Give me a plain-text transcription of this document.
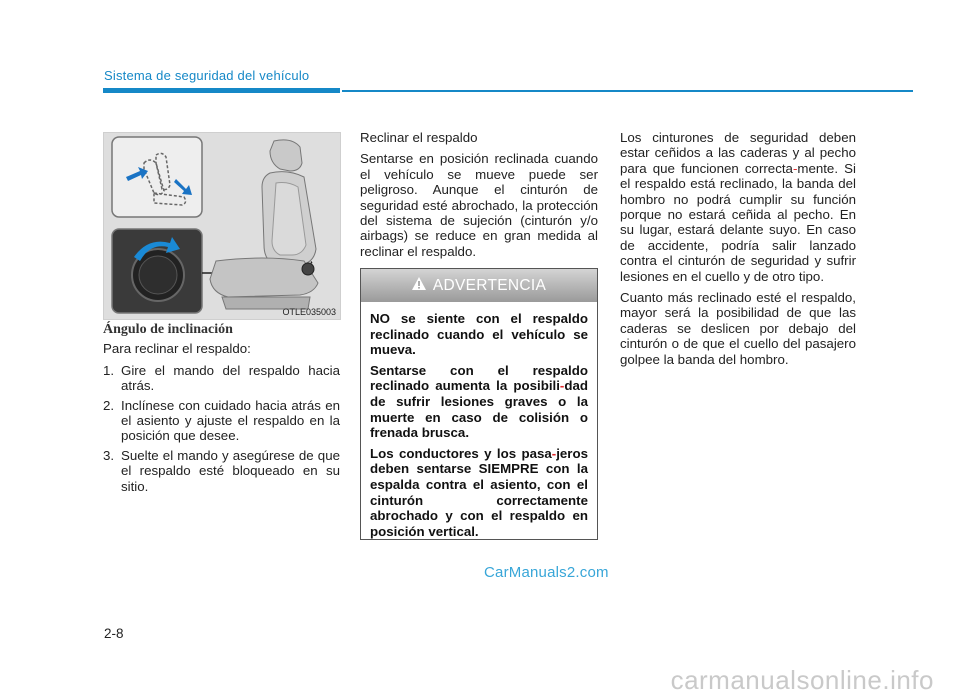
Sistema de seguridad del vehículo
OTLE035003
Ángulo de inclinación

Para reclinar el respaldo:

1. Gire el mando del respaldo hacia atrás.
2. Inclínese con cuidado hacia atrás en el asiento y ajuste el respaldo en la posición que desee.
3. Suelte el mando y asegúrese de que el respaldo esté bloqueado en su sitio.

Reclinar el respaldo

Sentarse en posición reclinada cuando el vehículo se mueve puede ser peligroso. Aunque el cinturón de seguridad esté abrochado, la protección del sistema de sujeción (cinturón y/o airbags) se reduce en gran medida al reclinar el respaldo.

ADVERTENCIA

NO se siente con el respaldo reclinado cuando el vehículo se mueva.

Sentarse con el respaldo reclinado aumenta la posibili-dad de sufrir lesiones graves o la muerte en caso de colisión o frenada brusca.

Los conductores y los pasa-jeros deben sentarse SIEMPRE con la espalda contra el asiento, con el cinturón correctamente abrochado y con el respaldo en posición vertical.

Los cinturones de seguridad deben estar ceñidos a las caderas y al pecho para que funcionen correcta-mente. Si el respaldo está reclinado, la banda del hombro no podrá cumplir su función porque no estará ceñida al pecho. En su lugar, estará delante suyo. En caso de accidente, podría salir lanzado contra el cinturón de seguridad y sufrir lesiones en el cuello y de otro tipo.

Cuanto más reclinado esté el respaldo, mayor será la posibilidad de que las caderas se deslicen por debajo del cinturón o de que el cuello del pasajero golpee la banda del hombro.

2-8
CarManuals2.com
carmanualsonline.info
